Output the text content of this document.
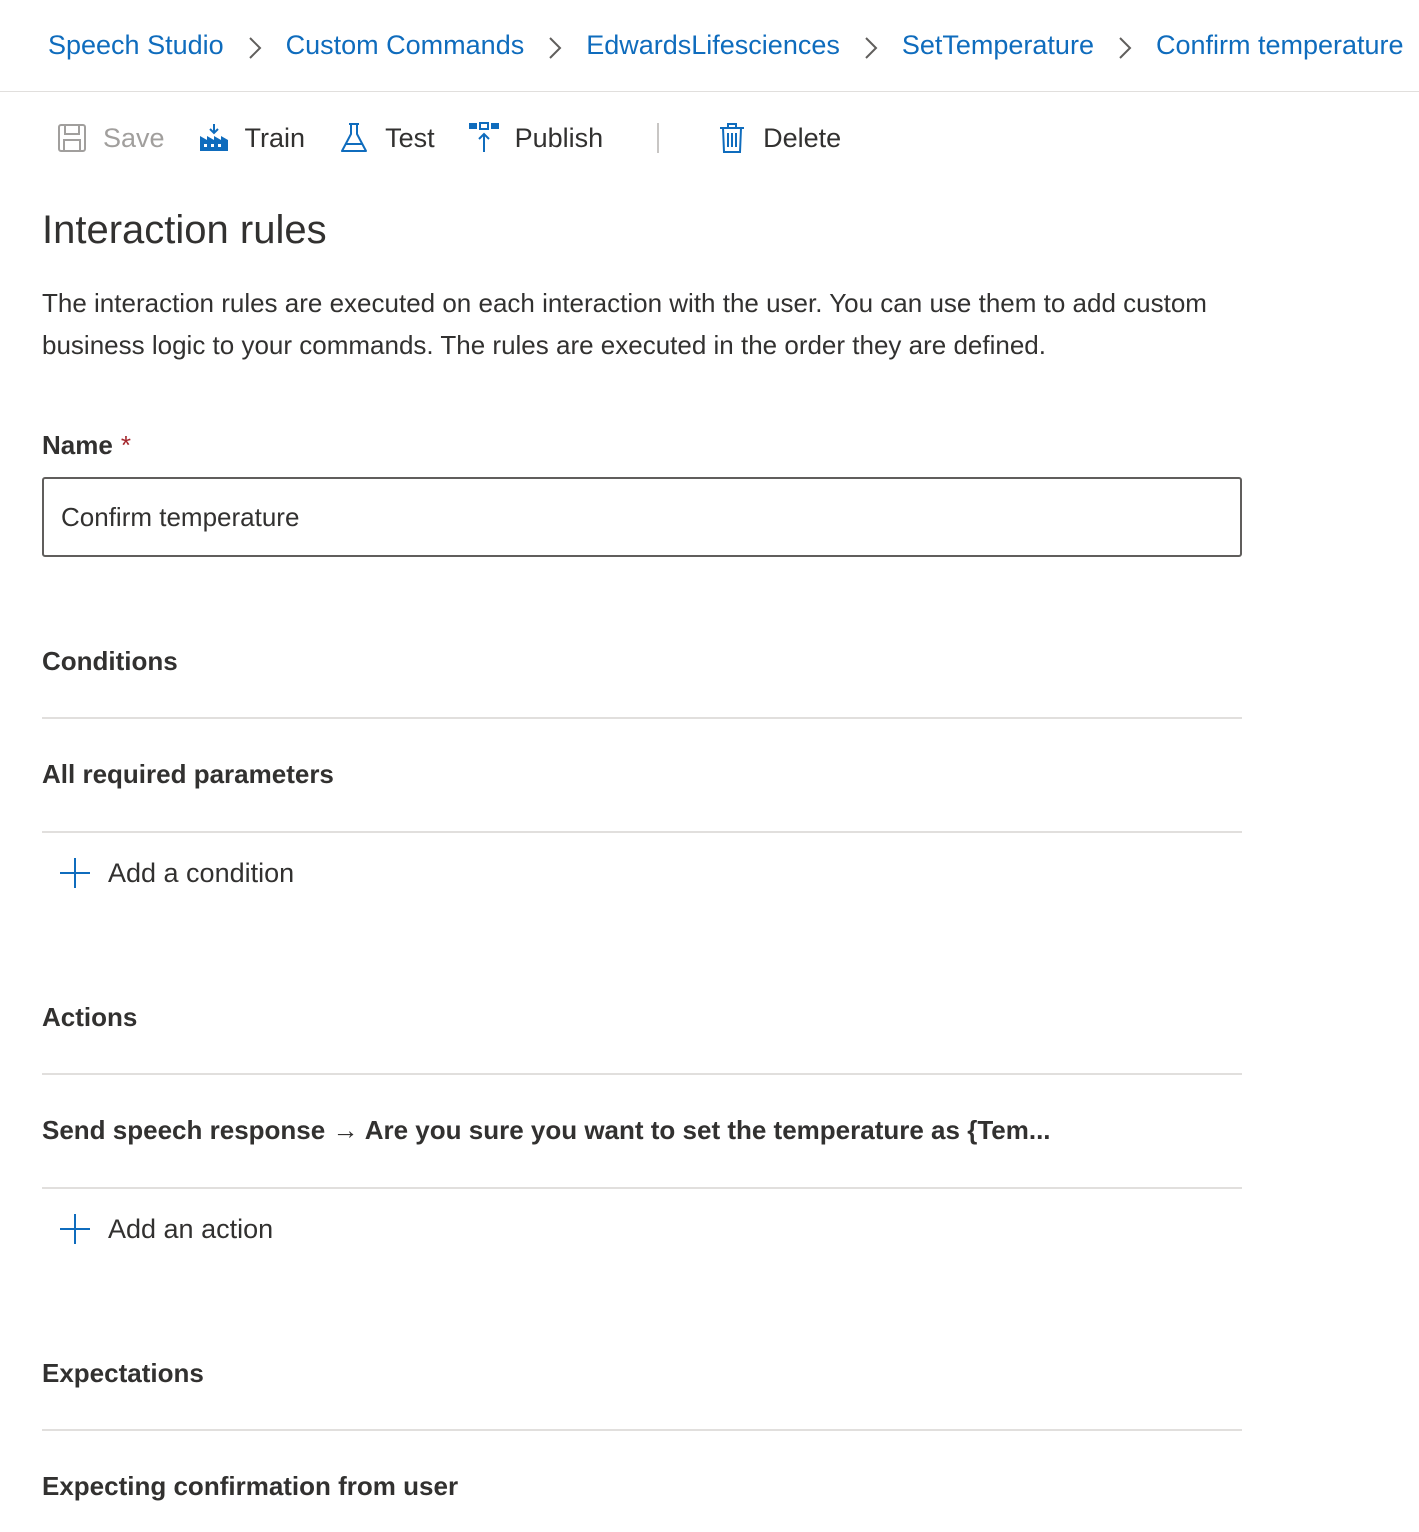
Speech Studio Custom Commands EdwardsLifesciences SetTemperature Confirm temperature
Save	Train	Test	Publish	Delete
Interaction rules

The interaction rules are executed on each interaction with the user. You can use them to add custom business logic to your commands. The rules are executed in the order they are defined.

Name *
Confirm temperature
Conditions
All required parameters
Add a condition
Actions
Send speech response → Are you sure you want to set the temperature as {Tem...
Add an action
Expectations
Expecting confirmation from user
